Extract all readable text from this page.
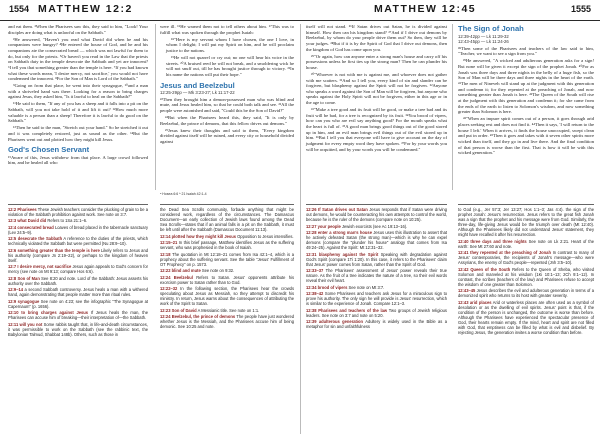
1554 MATTHEW 12:2	MATTHEW 12:45	1555

and eat them. ²When the Pharisees saw this, they said to him, "Look! Your disciples are doing what is unlawful on the Sabbath."

³He answered, "Haven't you read what David did when he and his companions were hungry? ⁴He entered the house of God, and he and his companions ate the consecrated bread — which was not lawful for them to do, but only for the priests. ⁵Or haven't you read in the Law that the priests on Sabbath duty in the temple desecrate the Sabbath and yet are innocent? ⁶I tell you that something greater than the temple is here. ⁷If you had known what these words mean, 'I desire mercy, not sacrifice,' you would not have condemned the innocent. ⁸For the Son of Man is Lord of the Sabbath."

⁹Going on from that place, he went into their synagogue, ¹⁰and a man with a shriveled hand was there. Looking for a reason to bring charges against Jesus, they asked him, "Is it lawful to heal on the Sabbath?"

¹¹He said to them, "If any of you has a sheep and it falls into a pit on the Sabbath, will you not take hold of it and lift it out? ¹²How much more valuable is a person than a sheep! Therefore it is lawful to do good on the Sabbath."

¹³Then he said to the man, "Stretch out your hand." So he stretched it out and it was completely restored, just as sound as the other. ¹⁴But the Pharisees went out and plotted how they might kill Jesus.

God's Chosen Servant

¹⁵Aware of this, Jesus withdrew from that place. A large crowd followed him, and he healed all who

were ill. ¹⁶He warned them not to tell others about him. ¹⁷This was to fulfill what was spoken through the prophet Isaiah:

¹⁸"Here is my servant whom I have chosen, the one I love, in whom I delight; I will put my Spirit on him, and he will proclaim justice to the nations.

¹⁹He will not quarrel or cry out; no one will hear his voice in the streets. ²⁰A bruised reed he will not break, and a smoldering wick he will not snuff out, till he has brought justice through to victory. ²¹In his name the nations will put their hope."

Jesus and Beelzebul
12:25-29pp — Mk 3:23-27; Lk 11:17-22

²²Then they brought him a demon-possessed man who was blind and mute, and Jesus healed him, so that he could both talk and see. ²³All the people were astonished and said, "Could this be the Son of David?"

²⁴But when the Pharisees heard this, they said, "It is only by Beelzebul, the prince of demons, that this fellow drives out demons."

²⁵Jesus knew their thoughts and said to them, "Every kingdom divided against itself will be ruined, and every city or household divided against

ᵃ Hosea 6:6 ᵇ 21 Isaiah 42:1-4

itself will not stand. ²⁶If Satan drives out Satan, he is divided against himself. How then can his kingdom stand? ²⁷And if I drive out demons by Beelzebul, by whom do your people drive them out? So then, they will be your judges. ²⁸But if it is by the Spirit of God that I drive out demons, then the kingdom of God has come upon you.

²⁹"Or again, how can anyone enter a strong man's house and carry off his possessions unless he first ties up the strong man? Then he can plunder his house.

³⁰"Whoever is not with me is against me, and whoever does not gather with me scatters. ³¹And so I tell you, every kind of sin and slander can be forgiven, but blasphemy against the Spirit will not be forgiven. ³²Anyone who speaks a word against the Son of Man will be forgiven, but anyone who speaks against the Holy Spirit will not be forgiven, either in this age or in the age to come.

³³"Make a tree good and its fruit will be good, or make a tree bad and its fruit will be bad, for a tree is recognized by its fruit. ³⁴You brood of vipers, how can you who are evil say anything good? For the mouth speaks what the heart is full of. ³⁵A good man brings good things out of the good stored up in him, and an evil man brings evil things out of the evil stored up in him. ³⁶But I tell you that everyone will have to give account on the day of judgment for every empty word they have spoken. ³⁷For by your words you will be acquitted, and by your words you will be condemned."

The Sign of Jonah
12:39-42pp — Lk 11:29-32
12:43-45pp — Lk 11:24-26

³⁸Then some of the Pharisees and teachers of the law said to him, "Teacher, we want to see a sign from you."

³⁹He answered, "A wicked and adulterous generation asks for a sign! But none will be given it except the sign of the prophet Jonah. ⁴⁰For as Jonah was three days and three nights in the belly of a huge fish, so the Son of Man will be three days and three nights in the heart of the earth. ⁴¹The men of Nineveh will stand up at the judgment with this generation and condemn it; for they repented at the preaching of Jonah, and now something greater than Jonah is here. ⁴²The Queen of the South will rise at the judgment with this generation and condemn it; for she came from the ends of the earth to listen to Solomon's wisdom, and now something greater than Solomon is here.

⁴³"When an impure spirit comes out of a person, it goes through arid places seeking rest and does not find it. ⁴⁴Then it says, 'I will return to the house I left.' When it arrives, it finds the house unoccupied, swept clean and put in order. ⁴⁵Then it goes and takes with it seven other spirits more wicked than itself, and they go in and live there. And the final condition of that person is worse than the first. That is how it will be with this wicked generation."

12:2 Pharisees These Jewish teachers consider the plucking of grain to be a violation of the Sabbath prohibition against work. See note on 3:7.

12:3 what David did Refers to 1Sa 21:1–6.

12:4 consecrated bread Loaves of bread placed in the tabernacle sanctuary (Lev 24:5–9).

12:5 desecrate the Sabbath A reference to the duties of the priests, which technically violated the Sabbath but were permitted (Nu 28:9–10).

12:6 something greater than the temple is here Likely refers to Jesus and his authority (compare Jn 2:19–22), or perhaps to the kingdom of heaven itself.

12:7 I desire mercy, not sacrifice Jesus again appeals to God's concern for mercy (see note on Mt 9:13; compare Hos 6:6).

12:8 Son of Man See 8:20 and note. Lord of the Sabbath: Jesus asserts his authority over the Sabbath.

12:9–14 a second Sabbath controversy. Jesus heals a man with a withered hand, again demonstrating that people matter more than ritual rules.

12:9 synagogue See note on 4:23; see the infographic "The Synagogue at Capernaum" (p. 1656).

12:10 to bring charges against Jesus If Jesus heals the man, the Pharisees can accuse him of breaking—their interpretation of—the Sabbath.

12:11 will you not Some rabbis taught that, in life-and-death circumstances, it was permissible to work on the Sabbath (see the rabbinic text, the Babylonian Talmud, Shabbat 148b). Others, such as those in

the Dead Sea Scrolls community, forbade anything that might be considered work, regardless of the circumstances. The Damascus Document—an early collection of Jewish laws found among the Dead Sea Scrolls—states that if an animal falls in a pit on the Sabbath, it must be left until after the Sabbath (Damascus Document 11:13).

12:14 plotted how they might kill Jesus Opposition to Jesus intensifies.

12:15–21 In this brief passage, Matthew identifies Jesus as the suffering servant, who was prophesied in the book of Isaiah.

12:18 The quotation in Mt 12:18–21 comes from Isa 42:1–4, which is a prophecy about the suffering servant. See the table "Jesus' Fulfillment of OT Prophecy" on p. 1573.

12:22 blind and mute See note on 9:32.

12:24 Beelzebul Refers to Satan. Jesus' opponents attribute his exorcism power to Satan rather than to God.

12:22–32 In the following section, the Pharisees hear the crowds speculating about Jesus as Messiah, so they attempt to discredit his ministry. In return, Jesus warns about the consequences of attributing the work of the Spirit to Satan.

12:23 Son of David A Messianic title. See note on 1:1.

12:24 Beelzebul, the prince of demons The people have just wondered whether Jesus is the Messiah, and the Pharisees accuse him of being demonic. See 10:25 and note.

12:26 If Satan drives out Satan Jesus responds that if Satan were driving out demons, he would be counteracting his own attempts to control the world, because he is the ruler of the demons (compare note on 10:25).

12:27 your people Jewish exorcists (see Ac 19:13–16).

12:28 enter a strong man's house Jesus uses this illustration to assert that he actively defeated Satan (the strong man)—which is why he can expel demons (compare the "plunder his house" analogy that comes from Isa 49:24–25). Against the Spirit: Mt 12:31–32.

12:31 blasphemy against the Spirit Speaking with degradation against God's Spirit (compare 1Ti 1:20). In this case, it refers to the Pharisees' claim that Jesus' power comes from Satan, rather than the Spirit of God.

12:33–37 The Pharisees' assessment of Jesus' power reveals their true nature. As the fruit of a tree indicates the nature of a tree, so their evil words reveal their evil heart.

12:34 brood of vipers See note on Mt 3:7.

12:38–42 Some Pharisees and teachers ask Jesus for a miraculous sign to prove his authority. The only sign he will provide is Jesus' resurrection, which is similar to the experience of Jonah. Compare 12:1–3.

12:38 Pharisees and teachers of the law Two groups of Jewish religious leaders. See note on 3:7 and note on 5:20.

12:39 adulterous generation Adultery is widely used in the Bible as a metaphor for sin and unfaithfulness

to God (e.g., Jer 57:3; Jer 13:27; Hos 1:1–3; Jas 4:4). the sign of the prophet Jonah: Jesus's resurrection. Jesus refers to the great fish Jonah was a sign that the prophet and his message were from God. Similarly, the three-day, life-giving Jesus would be the triumph over death (Mt 12:40). Although the Pharisees likely did not understand Jesus' statement, they might have recalled it after his resurrection.

12:40 three days and three nights See note on Lk 2:21. Heart of the earth: See Mt 27:60 and note.

12:41 they repented at the preaching of Jonah In contrast to many of Jesus' contemporaries, the recipients of Jonah's message—who were Assyrians, the enemy of God's people—repented (Jnh 3:5–10).

12:42 Queen of the South Refers to the Queen of Sheba, who visited Solomon and marveled at his wisdom (1Ki 10:1–13; 2Ch 9:1–12). In contrast, the scribes (teachers of the law) and Pharisees refuse to accept the wisdom of one greater than Solomon.

12:43–45 Jesus describes the evil and adulterous generation in terms of a demonized spirit who returns to its host with greater severity.

12:43 arid places Arid or waterless places are often used as a symbol of desolation or as the dwelling of evil spirits. Jesus' point is that, if the condition of the person is unchanged, the outcome is worse than before. Although the Pharisees have experienced the spectacular presence of God, their hearts remain empty. If the mind, heart and spirit are not filled with God, that emptiness can be filled by what is evil and disbelief. By rejecting Jesus, the generation invites a worse condition than before.
